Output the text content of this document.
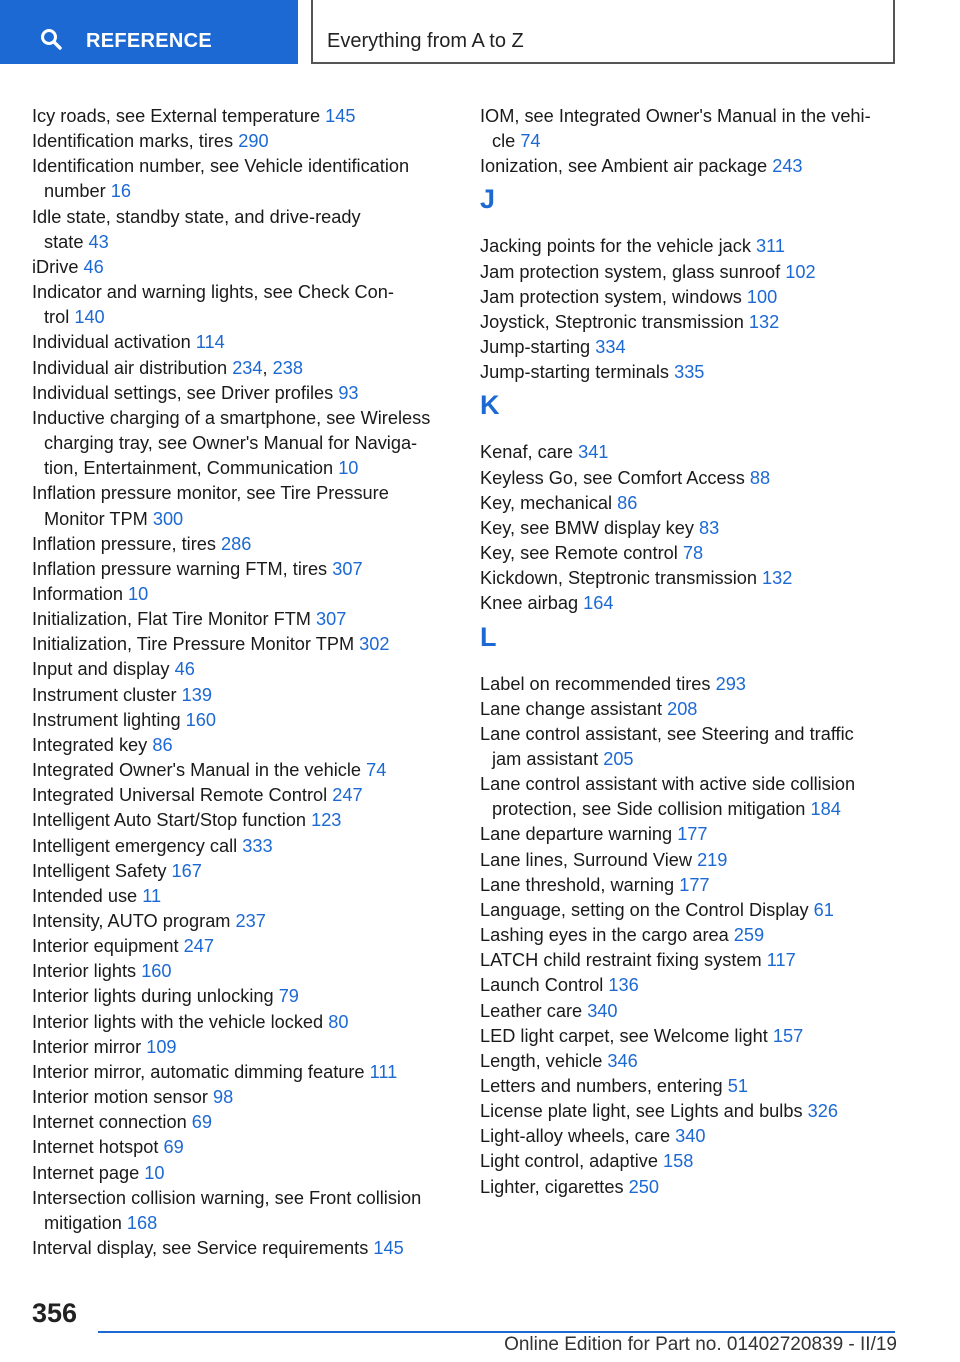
REFERENCE	Everything from A to Z
Icy roads, see External temperature 145
Identification marks, tires 290
Identification number, see Vehicle identification
number 16
Idle state, standby state, and drive-ready
state 43
iDrive 46
Indicator and warning lights, see Check Con-
trol 140
Individual activation 114
Individual air distribution 234, 238
Individual settings, see Driver profiles 93
Inductive charging of a smartphone, see Wireless
charging tray, see Owner's Manual for Naviga-
tion, Entertainment, Communication 10
Inflation pressure monitor, see Tire Pressure
Monitor TPM 300
Inflation pressure, tires 286
Inflation pressure warning FTM, tires 307
Information 10
Initialization, Flat Tire Monitor FTM 307
Initialization, Tire Pressure Monitor TPM 302
Input and display 46
Instrument cluster 139
Instrument lighting 160
Integrated key 86
Integrated Owner's Manual in the vehicle 74
Integrated Universal Remote Control 247
Intelligent Auto Start/Stop function 123
Intelligent emergency call 333
Intelligent Safety 167
Intended use 11
Intensity, AUTO program 237
Interior equipment 247
Interior lights 160
Interior lights during unlocking 79
Interior lights with the vehicle locked 80
Interior mirror 109
Interior mirror, automatic dimming feature 111
Interior motion sensor 98
Internet connection 69
Internet hotspot 69
Internet page 10
Intersection collision warning, see Front collision
mitigation 168
Interval display, see Service requirements 145
IOM, see Integrated Owner's Manual in the vehi-
cle 74
Ionization, see Ambient air package 243
J
Jacking points for the vehicle jack 311
Jam protection system, glass sunroof 102
Jam protection system, windows 100
Joystick, Steptronic transmission 132
Jump-starting 334
Jump-starting terminals 335
K
Kenaf, care 341
Keyless Go, see Comfort Access 88
Key, mechanical 86
Key, see BMW display key 83
Key, see Remote control 78
Kickdown, Steptronic transmission 132
Knee airbag 164
L
Label on recommended tires 293
Lane change assistant 208
Lane control assistant, see Steering and traffic
jam assistant 205
Lane control assistant with active side collision
protection, see Side collision mitigation 184
Lane departure warning 177
Lane lines, Surround View 219
Lane threshold, warning 177
Language, setting on the Control Display 61
Lashing eyes in the cargo area 259
LATCH child restraint fixing system 117
Launch Control 136
Leather care 340
LED light carpet, see Welcome light 157
Length, vehicle 346
Letters and numbers, entering 51
License plate light, see Lights and bulbs 326
Light-alloy wheels, care 340
Light control, adaptive 158
Lighter, cigarettes 250
356
Online Edition for Part no. 01402720839 - II/19
